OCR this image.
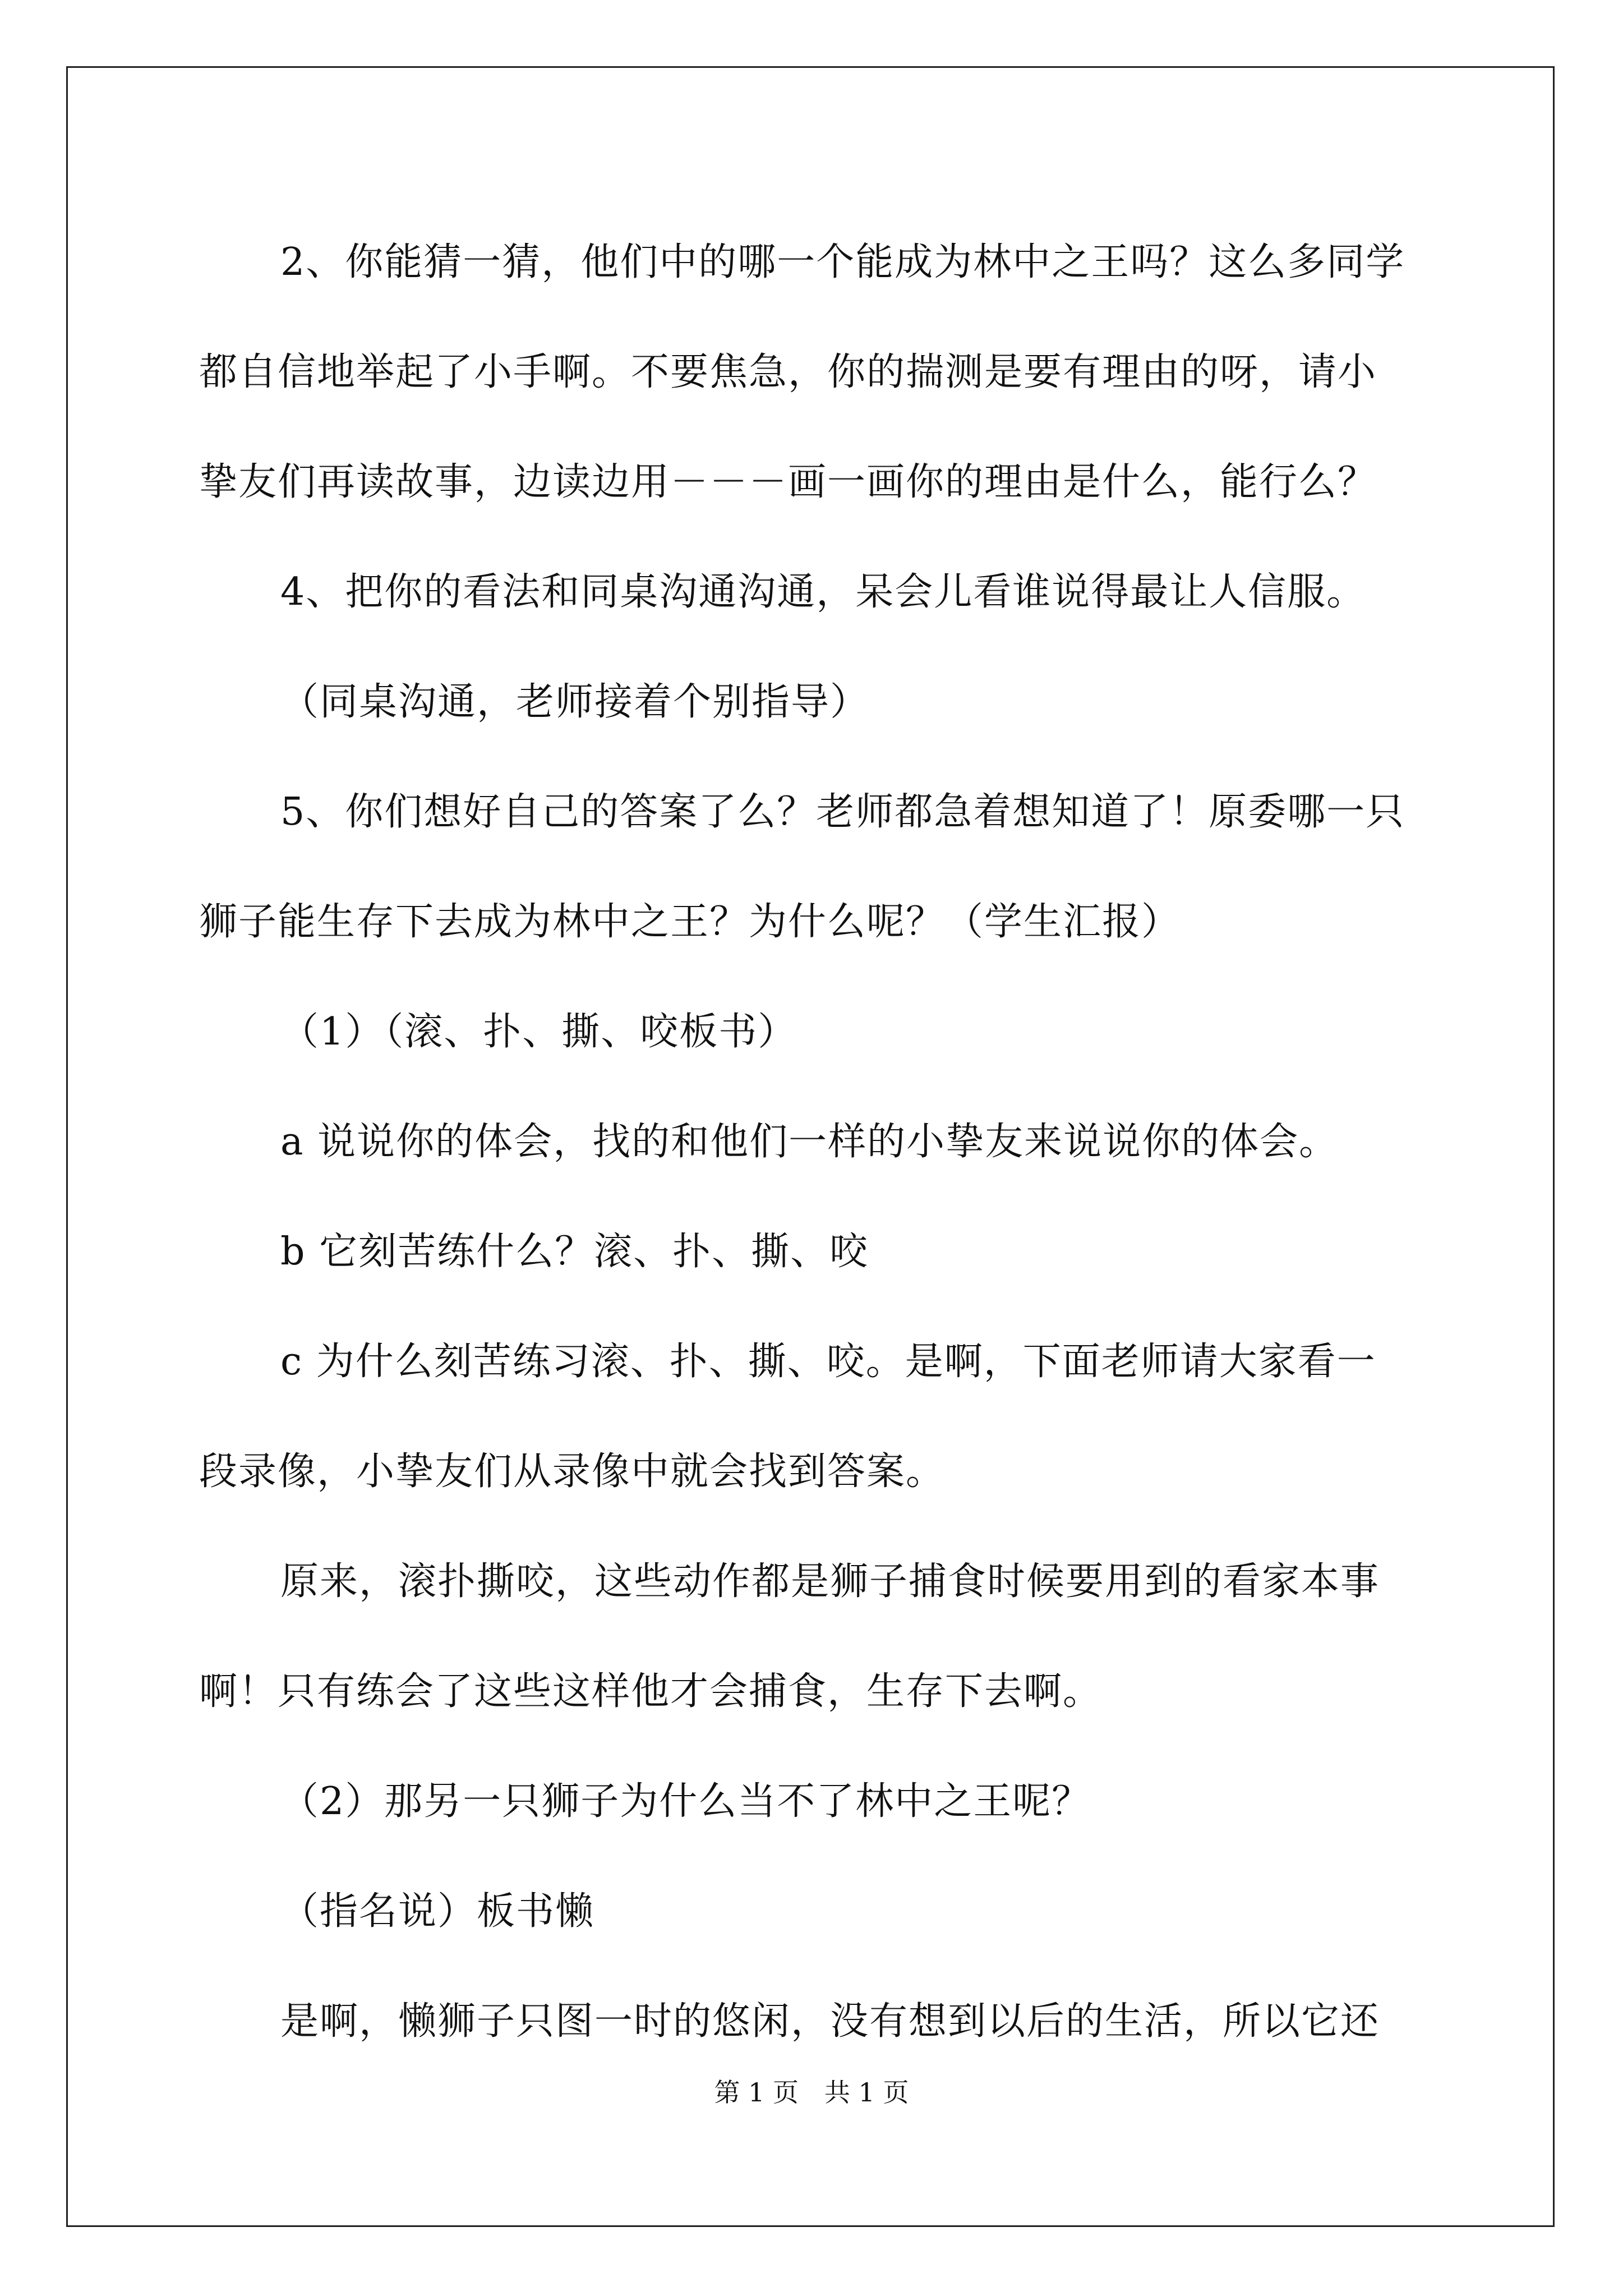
2、你能猜一猜，他们中的哪一个能成为林中之王吗？这么多同学

都自信地举起了小手啊。不要焦急，你的揣测是要有理由的呀，请小

挚友们再读故事，边读边用－－－画一画你的理由是什么，能行么？

4、把你的看法和同桌沟通沟通，呆会儿看谁说得最让人信服。

（同桌沟通，老师接着个别指导）

5、你们想好自己的答案了么？老师都急着想知道了！原委哪一只

狮子能生存下去成为林中之王？为什么呢？（学生汇报）

（1）（滚、扑、撕、咬板书）

a 说说你的体会，找的和他们一样的小挚友来说说你的体会。

b 它刻苦练什么？滚、扑、撕、咬

c 为什么刻苦练习滚、扑、撕、咬。是啊，下面老师请大家看一

段录像，小挚友们从录像中就会找到答案。

原来，滚扑撕咬，这些动作都是狮子捕食时候要用到的看家本事

啊！只有练会了这些这样他才会捕食，生存下去啊。

（2）那另一只狮子为什么当不了林中之王呢？

（指名说）板书懒

是啊，懒狮子只图一时的悠闲，没有想到以后的生活，所以它还

第 1 页　共 1 页
